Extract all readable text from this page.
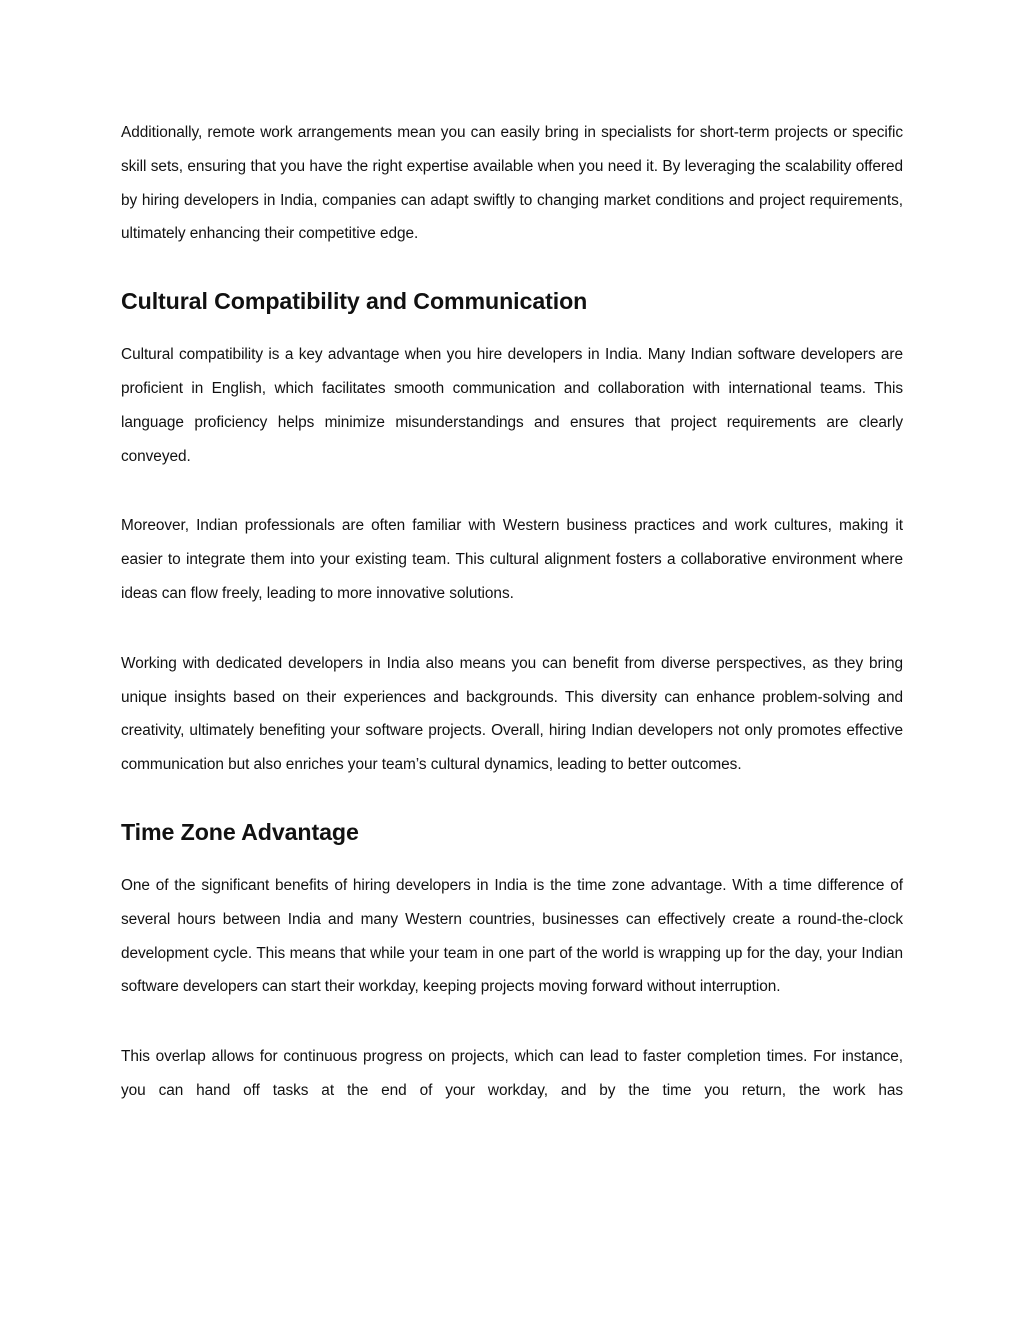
Additionally, remote work arrangements mean you can easily bring in specialists for short-term projects or specific skill sets, ensuring that you have the right expertise available when you need it. By leveraging the scalability offered by hiring developers in India, companies can adapt swiftly to changing market conditions and project requirements, ultimately enhancing their competitive edge.

Cultural Compatibility and Communication

Cultural compatibility is a key advantage when you hire developers in India. Many Indian software developers are proficient in English, which facilitates smooth communication and collaboration with international teams. This language proficiency helps minimize misunderstandings and ensures that project requirements are clearly conveyed.

Moreover, Indian professionals are often familiar with Western business practices and work cultures, making it easier to integrate them into your existing team. This cultural alignment fosters a collaborative environment where ideas can flow freely, leading to more innovative solutions.

Working with dedicated developers in India also means you can benefit from diverse perspectives, as they bring unique insights based on their experiences and backgrounds. This diversity can enhance problem-solving and creativity, ultimately benefiting your software projects. Overall, hiring Indian developers not only promotes effective communication but also enriches your team’s cultural dynamics, leading to better outcomes.

Time Zone Advantage

One of the significant benefits of hiring developers in India is the time zone advantage. With a time difference of several hours between India and many Western countries, businesses can effectively create a round-the-clock development cycle. This means that while your team in one part of the world is wrapping up for the day, your Indian software developers can start their workday, keeping projects moving forward without interruption.

This overlap allows for continuous progress on projects, which can lead to faster completion times. For instance, you can hand off tasks at the end of your workday, and by the time you return, the work has
